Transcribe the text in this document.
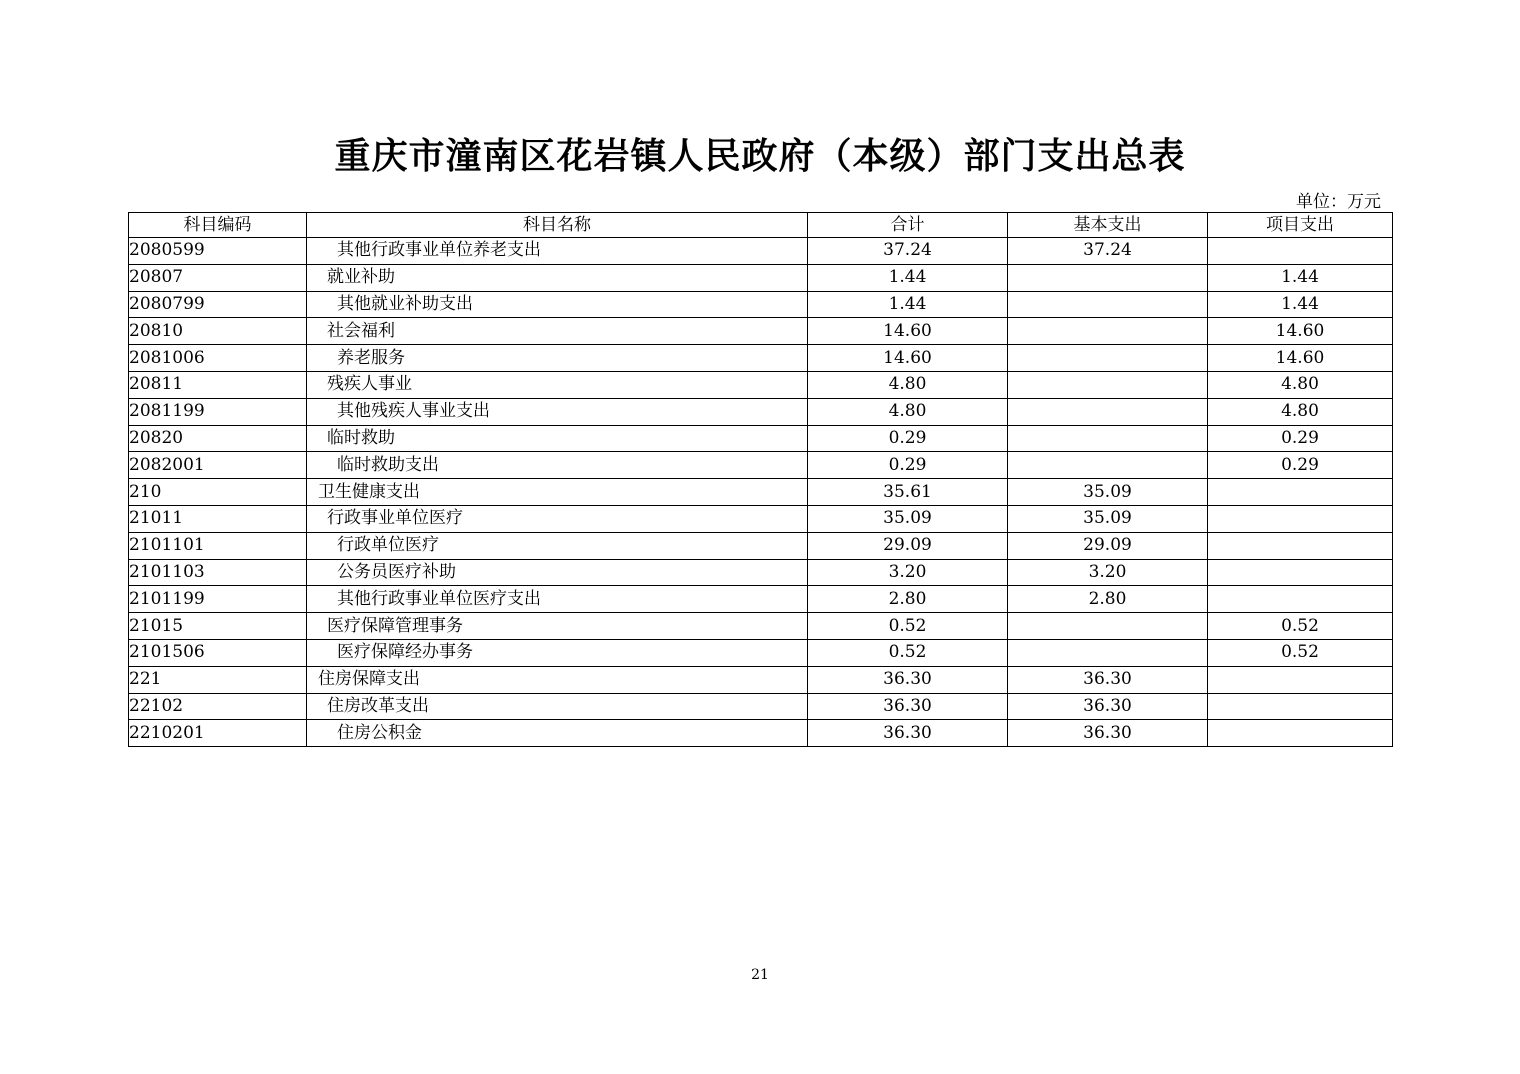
重庆市潼南区花岩镇人民政府（本级）部门支出总表
单位：万元
科目编码	科目名称	合计	基本支出	项目支出
2080599	其他行政事业单位养老支出	37.24	37.24	
20807	就业补助	1.44		1.44
2080799	其他就业补助支出	1.44		1.44
20810	社会福利	14.60		14.60
2081006	养老服务	14.60		14.60
20811	残疾人事业	4.80		4.80
2081199	其他残疾人事业支出	4.80		4.80
20820	临时救助	0.29		0.29
2082001	临时救助支出	0.29		0.29
210	卫生健康支出	35.61	35.09	
21011	行政事业单位医疗	35.09	35.09	
2101101	行政单位医疗	29.09	29.09	
2101103	公务员医疗补助	3.20	3.20	
2101199	其他行政事业单位医疗支出	2.80	2.80	
21015	医疗保障管理事务	0.52		0.52
2101506	医疗保障经办事务	0.52		0.52
221	住房保障支出	36.30	36.30	
22102	住房改革支出	36.30	36.30	
2210201	住房公积金	36.30	36.30	
21
